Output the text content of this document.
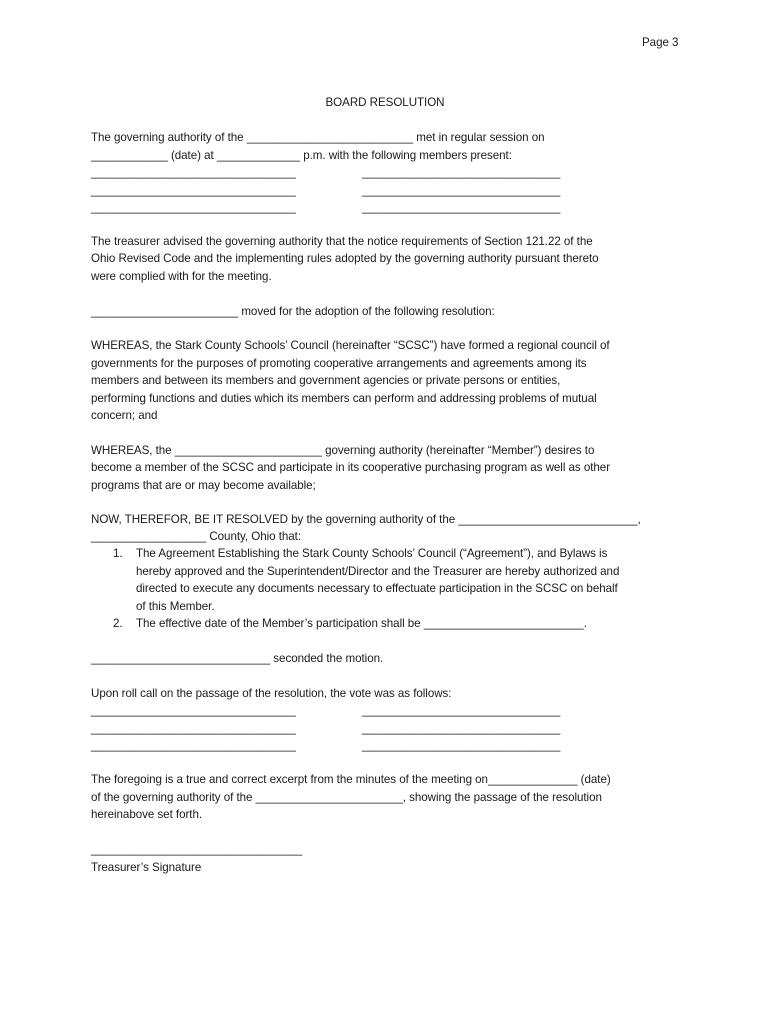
Page 3
BOARD RESOLUTION
The governing authority of the __________________________ met in regular session on
____________ (date) at _____________ p.m. with the following members present:
________________________________
________________________________
________________________________
_______________________________
_______________________________
_______________________________
The treasurer advised the governing authority that the notice requirements of Section 121.22 of the
Ohio Revised Code and the implementing rules adopted by the governing authority pursuant thereto
were complied with for the meeting.
_______________________ moved for the adoption of the following resolution:
WHEREAS, the Stark County Schools’ Council (hereinafter “SCSC”) have formed a regional council of
governments for the purposes of promoting cooperative arrangements and agreements among its
members and between its members and government agencies or private persons or entities,
performing functions and duties which its members can perform and addressing problems of mutual
concern; and
WHEREAS, the _______________________ governing authority (hereinafter “Member”) desires to
become a member of the SCSC and participate in its cooperative purchasing program as well as other
programs that are or may become available;
NOW, THEREFOR, BE IT RESOLVED by the governing authority of the ____________________________,
__________________ County, Ohio that:
1. The Agreement Establishing the Stark County Schools’ Council (“Agreement”), and Bylaws is
hereby approved and the Superintendent/Director and the Treasurer are hereby authorized and
directed to execute any documents necessary to effectuate participation in the SCSC on behalf
of this Member.
2. The effective date of the Member’s participation shall be _________________________.
____________________________ seconded the motion.
Upon roll call on the passage of the resolution, the vote was as follows:
________________________________
________________________________
________________________________
_______________________________
_______________________________
_______________________________
The foregoing is a true and correct excerpt from the minutes of the meeting on______________ (date)
of the governing authority of the _______________________, showing the passage of the resolution
hereinabove set forth.
_________________________________
Treasurer’s Signature
